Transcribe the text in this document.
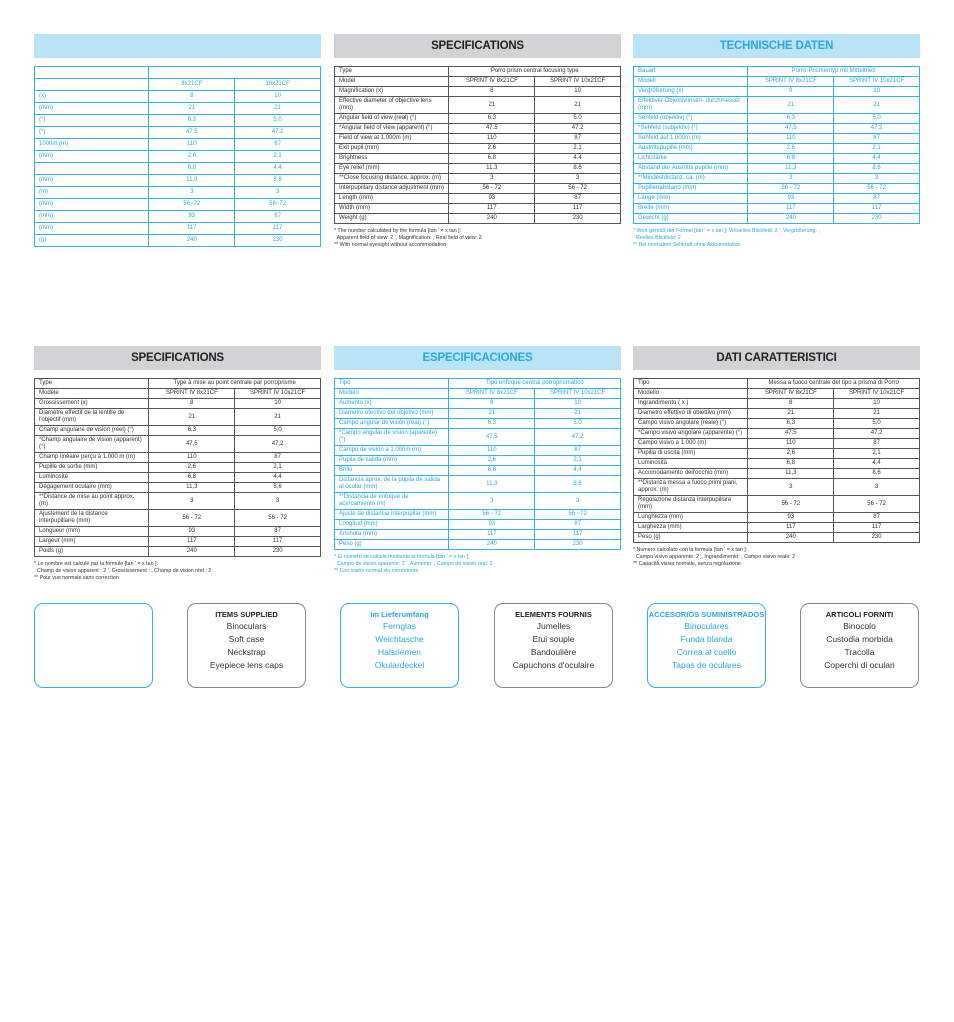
	8x21CF	10x21CF
(x)	8	10
(mm)	21	21
(°)	6.3	5.0
(°)	47.5	47.2
1000m (m)	110	87
(mm)	2.6	2.1
	6.8	4.4
(mm)	11.3	8.6
(m)	3	3
(mm)	56~72	56~72
(mm)	93	87
(mm)	117	117
(g)	240	230
SPECIFICATIONS
Type	Porro prism central focusing type	
Model	SPRINT IV 8x21CF	SPRINT IV 10x21CF
Magnification (x)	8	10
Effective diameter of objective lens (mm)	21	21
Angular field of view (real) (°)	6.3	5.0
*Angular field of view (apparent) (°)	47.5	47.2
Field of view at 1,000m (m)	110	87
Exit pupil (mm)	2.6	2.1
Brightness	6.8	4.4
Eye relief (mm)	11.3	8.6
**Close focusing distance, approx. (m)	3	3
Interpupillary distance adjustment (mm)	56 - 72	56 - 72
Length (mm)	93	87
Width (mm)	117	117
Weight (g)	240	230
* The number calculated by the formula [tan ' = x tan ]:
Apparent field of view: 2 ', Magnification: , Real field of view: 2
** With normal eyesight without accommodation
TECHNISCHE DATEN
Bauart	Porro-Prismentyp mit Mitteltrieb	
Modell	SPRINT IV 8x21CF	SPRINT IV 10x21CF
Vergrößerung (x)	8	10
Effektiver Objektivlinsen- durchmesser (mm)	21	21
Sehfeld (objektiv) (°)	6,3	5,0
*Sehfeld (subjektiv) (°)	47,5	47,2
Sehfeld auf 1.000m (m)	110	87
Austrittspupille (mm)	2,6	2,1
Lichtstärke	6,8	4,4
Abstand der Austritts pupille (mm)	11,3	8,6
**Mindestdistanz, ca. (m)	3	3
Pupillenabstand (mm)	56 - 72	56 - 72
Länge (mm)	93	87
Breite (mm)	117	117
Gewicht (g)	240	230
* Wert gemäß der Formel [tan ' = x tan ]: Virtuelles Blickfeld: 2 ', Vergrößerung: ,
Reelles Blickfeld: 2
** Bei normalem Sehkraft ohne Akkomodation
SPECIFICATIONS
Type	Type à mise au point centrale par porroprisme	
Modèle	SPRINT IV 8x21CF	SPRINT IV 10x21CF
Grossissement (x)	8	10
Diamètre effectif de la lentille de l'objectif (mm)	21	21
Champ angulaire de vision (réel) (°)	6,3	5,0
*Champ angulaire de vision (apparent) (°)	47,5	47,2
Champ linéaire perçu à 1.000 m (m)	110	87
Pupille de sortie (mm)	2,6	2,1
Luminosité	6,8	4,4
Dégagement oculaire (mm)	11,3	8,6
**Distance de mise au point approx. (m)	3	3
Ajustement de la distance interpupillaire (mm)	56 - 72	56 - 72
Longueur (mm)	93	87
Largeur (mm)	117	117
Poids (g)	240	230
* Le nombre est calculé par la formule [tan ' = x tan ]:
Champ de vision apparent : 2 ', Grossissement : , Champ de vision réel : 2
** Pour vue normale sans correction
ESPECIFICACIONES
Tipo	Tipo enfoque central porroprismático	
Modelo	SPRINT IV 8x21CF	SPRINT IV 10x21CF
Aumento (x)	8	10
Diámetro efectivo del objetivo (mm)	21	21
Campo angular de visión (real) (°)	6,3	5,0
*Campo angular de visión (aparente) (°)	47,5	47,2
Campo de visión a 1.000m (m)	110	87
Pupila de salida (mm)	2,6	2,1
Brillo	6,8	4,4
Distancia aprox. de la pupila de salida al ocular (mm)	11,3	8,6
**Distancia de enfoque de acercamiento (m)	3	3
Ajuste de distancia interpupilar (mm)	56 - 72	56 ~72
Longitud (mm)	93	87
Anchura (mm)	117	117
Peso (g)	240	230
* El número se calcula mediante la fórmula [tan ' = x tan ]:
Campo de visión aparente: 2 ', Aumento: , Campo de visión real: 2
** Con visión normal sin correctores
DATI CARATTERISTICI
Tipo	Messa a fuoco centrale del tipo a prisma di Porro	
Modello	SPRINT IV 8x21CF	SPRINT IV 10x21CF
Ingrandimento ( x )	8	10
Diametro effettivo di obiettivo (mm)	21	21
Campo visivo angolare (reale) (°)	6,3	5,0
*Campo visivo angolare (apparente) (°)	47,5	47,2
Campo visivo a 1.000 (m)	110	87
Pupilla di uscita (mm)	2,6	2,1
Luminosità	6,8	4,4
Accomodamento dell'occhio (mm)	11,3	8,6
**Distanza messa a fuoco primi piani, approx. (m)	3	3
Regolazione distanza interpupillare (mm)	56 - 72	56 - 72
Lunghezza (mm)	93	87
Larghezza (mm)	117	117
Peso (g)	240	230
* Numero calcolato con la formula [tan ' = x tan ]:
Campo visivo apparente: 2 ', Ingrandimento: , Campo visivo reale: 2
** Capacità visiva normale, senza regolazione
ITEMS SUPPLIED
Binoculars
Soft case
Neckstrap
Eyepiece lens caps
Im Lieferumfang
Fernglas
Weichtasche
Halsriemen
Okulardeckel
ELEMENTS FOURNIS
Jumelles
Etui souple
Bandoulière
Capuchons d'oculaire
ACCESORIOS SUMINISTRADOS
Binoculares
Funda blanda
Correa al cuello
Tapas de oculares
ARTICOLI FORNITI
Binocolo
Custodia morbida
Tracolla
Coperchi di oculari
